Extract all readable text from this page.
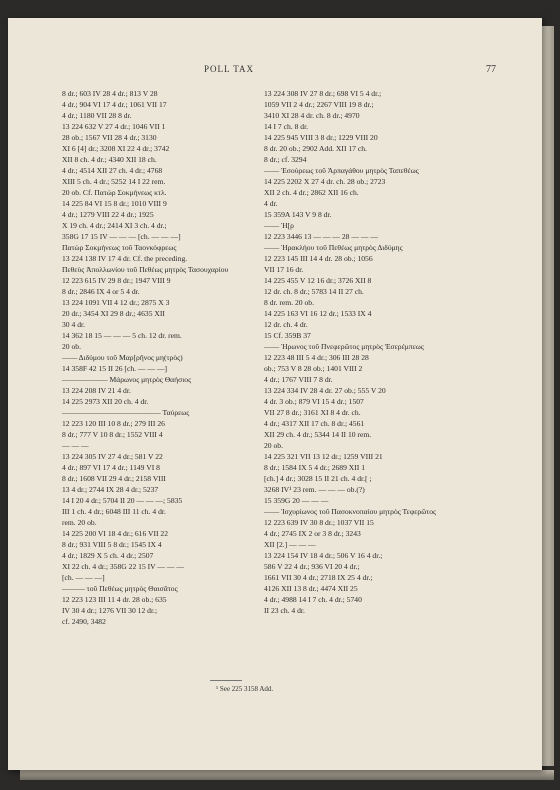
POLL TAX	77
8 dr.; 603 IV 28 4 dr.; 813 V 28
4 dr.; 904 VI 17 4 dr.; 1061 VII 17
4 dr.; 1180 VII 28 8 dr.
13 224 632 V 27 4 dr.; 1046 VII 1
28 ob.; 1567 VII 28 4 dr.; 3130
XI 6 [4] dr.; 3208 XI 22 4 dr.; 3742
XII 8 ch. 4 dr.; 4340 XII 18 ch.
4 dr.; 4514 XII 27 ch. 4 dr.; 4768
XIII 5 ch. 4 dr.; 5252 14 I 22 rem.
20 ob. Cf. Πατὼρ Σοκμήνεως κτλ.
14 225 84 VI 15 8 dr.; 1010 VIII 9
4 dr.; 1279 VIII 22 4 dr.; 1925
X 19 ch. 4 dr.; 2414 XI 3 ch. 4 dr.;
358G 17 15 IV — — — [ch. — — —]
Πατὼρ Σοκμήνεως τοῦ Ταονκόφρεως
13 224 138 IV 17 4 dr. Cf. the preceding.
Πεθεὺς Ἀπολλωνίου τοῦ Πεθέως μητρὸς Τασουχαρίου
12 223 615 IV 29 8 dr.; 1947 VIII 9
8 dr.; 2846 IX 4 or 5 4 dr.
13 224 1091 VII 4 12 dr.; 2875 X 3
20 dr.; 3454 XI 29 8 dr.; 4635 XII
30 4 dr.
14 362 18 15 — — — 5 ch. 12 dr. rem.
20 ob.
—— Διδύμου τοῦ Μαρ[ρῆνος μη(τρὸς)
14 358F 42 15 II 26 [ch. — — —]
—————— Μάρωνος μητρὸς Θαήσιος
13 224 208 IV 21 4 dr.
14 225 2973 XII 20 ch. 4 dr.
————————————— Ταύρεως
12 223 120 III 10 8 dr.; 279 III 26
8 dr.; 777 V 10 8 dr.; 1552 VIII 4
— — —
13 224 305 IV 27 4 dr.; 581 V 22
4 dr.; 897 VI 17 4 dr.; 1149 VI 8
8 dr.; 1608 VII 29 4 dr.; 2158 VIII
13 4 dr.; 2744 IX 28 4 dr.; 5237
14 I 20 4 dr.; 5704 II 20 — — —; 5835
III 1 ch. 4 dr.; 6048 III 11 ch. 4 dr.
rem. 20 ob.
14 225 200 VI 18 4 dr.; 616 VII 22
8 dr.; 931 VIII 5 8 dr.; 1545 IX 4
4 dr.; 1829 X 5 ch. 4 dr.; 2507
XI 22 ch. 4 dr.; 358G 22 15 IV — — —
[ch. — — —]
——— τοῦ Πεθέως μητρὸς Θαισᾶτος
12 223 123 III 11 4 dr. 28 ob.; 635
IV 30 4 dr.; 1276 VII 30 12 dr.;
cf. 2490, 3482
13 224 308 IV 27 8 dr.; 698 VI 5 4 dr.;
1059 VII 2 4 dr.; 2267 VIII 19 8 dr.;
3410 XI 28 4 dr. ch. 8 dr.; 4970
14 I 7 ch. 8 dr.
14 225 945 VIII 3 8 dr.; 1229 VIII 20
8 dr. 20 ob.; 2902 Add. XII 17 ch.
8 dr.; cf. 3294
—— Ἐσούρεως τοῦ Ἁρπαγάθου μητρὸς Ταπεθέως
14 225 2202 X 27 4 dr. ch. 28 ob.; 2723
XII 2 ch. 4 dr.; 2862 XII 16 ch.
4 dr.
15 359A 143 V 9 8 dr.
—— Ἡ[ρ
12 223 3446 13 — — — 28 — — —
—— Ἡρακλήου τοῦ Πεθέως μητρὸς Διδύμης
12 223 145 III 14 4 dr. 28 ob.; 1056
VII 17 16 dr.
14 225 455 V 12 16 dr.; 3726 XII 8
12 dr. ch. 8 dr.; 5783 14 II 27 ch.
8 dr. rem. 20 ob.
14 225 163 VI 16 12 dr.; 1533 IX 4
12 dr. ch. 4 dr.
15 Cf. 359B 37
—— Ἡρωνος τοῦ Πνεφερῶτος μητρὸς Ἐσερέμπεως
12 223 48 III 5 4 dr.; 306 III 28 28
ob.; 753 V 8 28 ob.; 1401 VIII 2
4 dr.; 1767 VIII 7 8 dr.
13 224 334 IV 28 4 dr. 27 ob.; 555 V 20
4 dr. 3 ob.; 879 VI 15 4 dr.; 1507
VII 27 8 dr.; 3161 XI 8 4 dr. ch.
4 dr.; 4317 XII 17 ch. 8 dr.; 4561
XII 29 ch. 4 dr.; 5344 14 II 10 rem.
20 ob.
14 225 321 VII 13 12 dr.; 1259 VIII 21
8 dr.; 1584 IX 5 4 dr.; 2689 XII 1
[ch.] 4 dr.; 3028 15 II 21 ch. 4 dr.[ ;
3268 IV¹ 23 rem. — — — ob.(?)
15 359G 20 — — —
—— Ἰσχυρίωνος τοῦ Πασοκνοπαίου μητρὸς Τεφερῶτος
12 223 639 IV 30 8 dr.; 1037 VII 15
4 dr.; 2745 IX 2 or 3 8 dr.; 3243
XII [2.] — — —
13 224 154 IV 18 4 dr.; 506 V 16 4 dr.;
586 V 22 4 dr.; 936 VI 20 4 dr.;
1661 VII 30 4 dr.; 2718 IX 25 4 dr.;
4126 XII 13 8 dr.; 4474 XII 25
4 dr.; 4988 14 I 7 ch. 4 dr.; 5740
II 23 ch. 4 dr.
¹ See 225 3158 Add.
